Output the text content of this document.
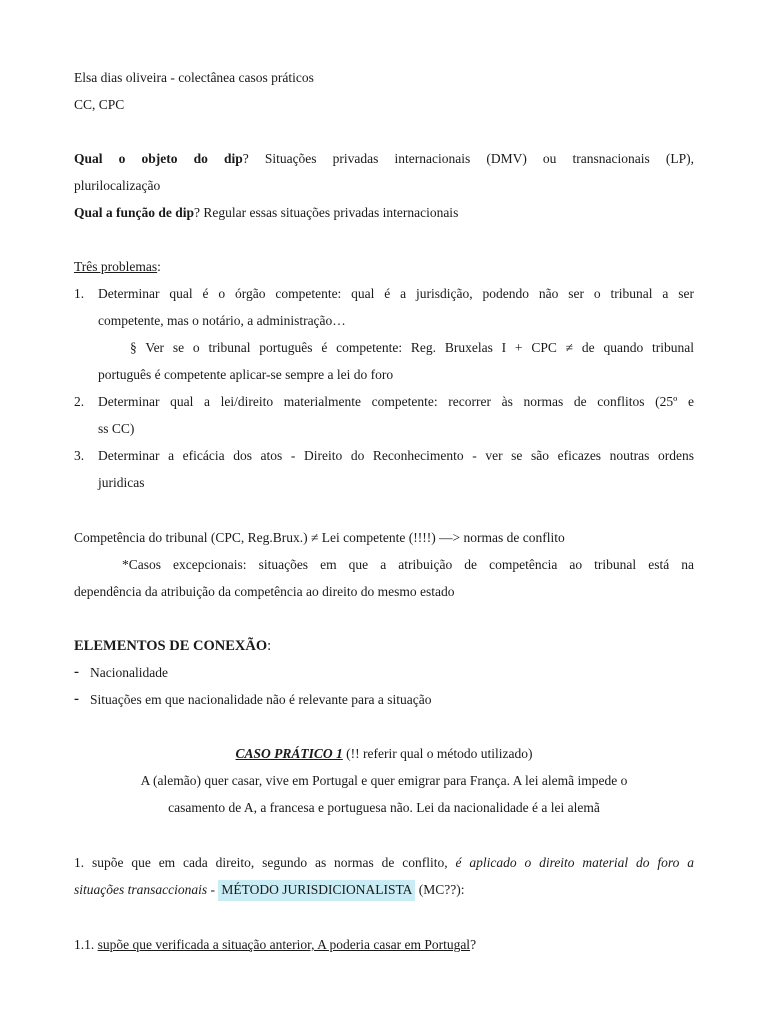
Elsa dias oliveira - colectânea casos práticos
CC, CPC
Qual o objeto do dip? Situações privadas internacionais (DMV) ou transnacionais (LP),
plurilocalização
Qual a função de dip? Regular essas situações privadas internacionais
Três problemas:
1. Determinar qual é o órgão competente: qual é a jurisdição, podendo não ser o tribunal a ser
competente, mas o notário, a administração…
§ Ver se o tribunal português é competente: Reg. Bruxelas I + CPC ≠ de quando tribunal
português é competente aplicar-se sempre a lei do foro
2. Determinar qual a lei/direito materialmente competente: recorrer às normas de conflitos (25º e
ss CC)
3. Determinar a eficácia dos atos - Direito do Reconhecimento - ver se são eficazes noutras ordens
juridicas
Competência do tribunal (CPC, Reg.Brux.) ≠ Lei competente (!!!!) —> normas de conflito
*Casos excepcionais: situações em que a atribuição de competência ao tribunal está na
dependência da atribuição da competência ao direito do mesmo estado
ELEMENTOS DE CONEXÃO:
- Nacionalidade
- Situações em que nacionalidade não é relevante para a situação
CASO PRÁTICO 1 (!! referir qual o método utilizado)
A (alemão) quer casar, vive em Portugal e quer emigrar para França. A lei alemã impede o
casamento de A, a francesa e portuguesa não. Lei da nacionalidade é a lei alemã
1. supõe que em cada direito, segundo as normas de conflito, é aplicado o direito material do foro a
situações transaccionais - MÉTODO JURISDICIONALISTA (MC??):
1.1. supõe que verificada a situação anterior, A poderia casar em Portugal?
